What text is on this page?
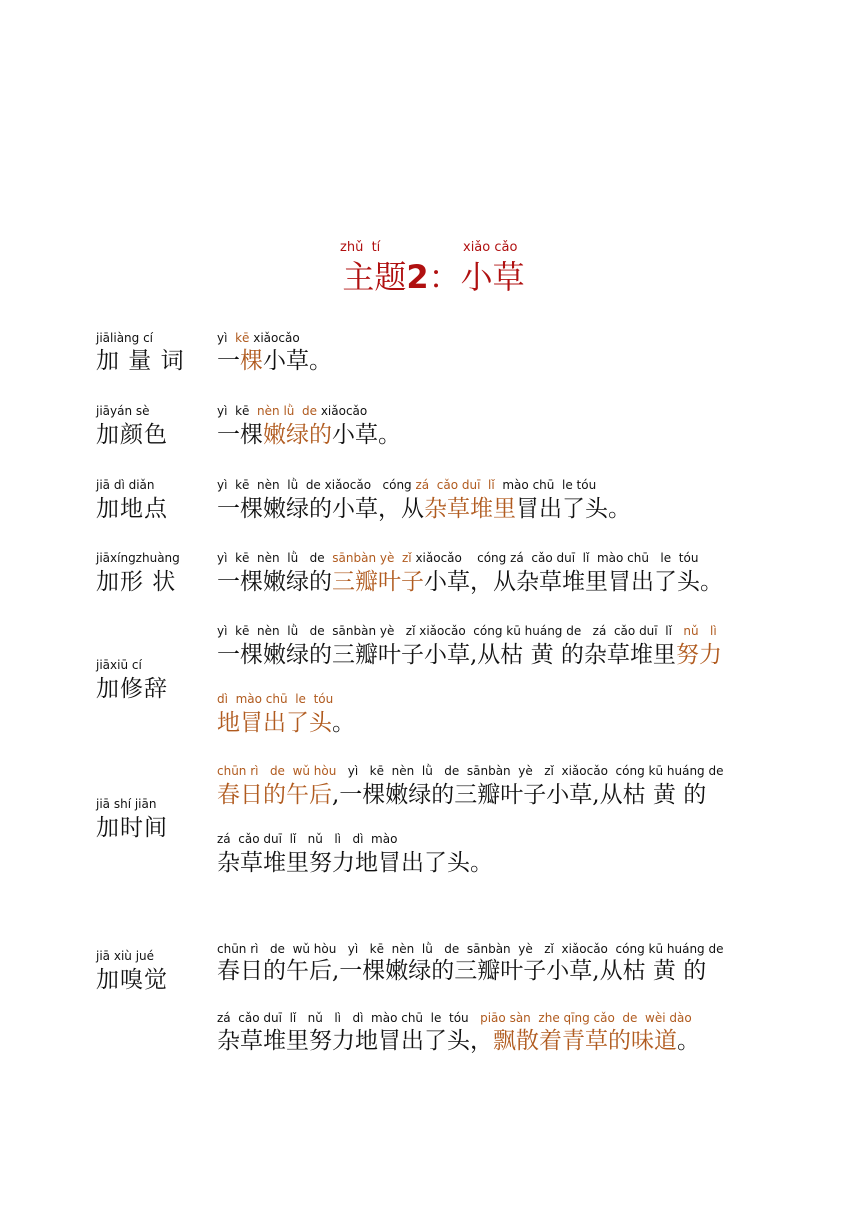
zhǔ  tí	xiǎo cǎo
主题2：小草
jiāliàng cí
加 量 词
yì  kē xiǎocǎo
一棵小草。
jiāyán sè
加颜色
yì  kē  nèn lǜ  de xiǎocǎo
一棵嫩绿的小草。
jiā dì diǎn
加地点
yì  kē  nèn  lǜ  de xiǎocǎo   cóng zá  cǎo duī  lǐ  mào chū  le tóu
一棵嫩绿的小草，从杂草堆里冒出了头。
jiāxíngzhuàng
加形 状
yì  kē  nèn  lǜ   de  sānbàn yè  zǐ xiǎocǎo    cóng zá  cǎo duī  lǐ  mào chū   le  tóu
一棵嫩绿的三瓣叶子小草，从杂草堆里冒出了头。
jiāxiū cí
加修辞
yì  kē  nèn  lǜ   de  sānbàn yè   zǐ xiǎocǎo  cóng kū huáng de   zá  cǎo duī  lǐ   nǔ   lì
一棵嫩绿的三瓣叶子小草,从枯 黄 的杂草堆里努力
dì  mào chū  le  tóu
地冒出了头。
jiā shí jiān
加时间
chūn rì   de  wǔ hòu   yì   kē  nèn  lǜ   de  sānbàn  yè   zǐ  xiǎocǎo  cóng kū huáng de
春日的午后,一棵嫩绿的三瓣叶子小草,从枯 黄 的
zá  cǎo duī  lǐ   nǔ   lì   dì  mào
杂草堆里努力地冒出了头。
jiā xiù jué
加嗅觉
chūn rì   de  wǔ hòu   yì   kē  nèn  lǜ   de  sānbàn  yè   zǐ  xiǎocǎo  cóng kū huáng de
春日的午后,一棵嫩绿的三瓣叶子小草,从枯 黄 的
zá  cǎo duī  lǐ   nǔ   lì   dì  mào chū  le  tóu   piāo sàn  zhe qīng cǎo  de  wèi dào
杂草堆里努力地冒出了头，飘散着青草的味道。
